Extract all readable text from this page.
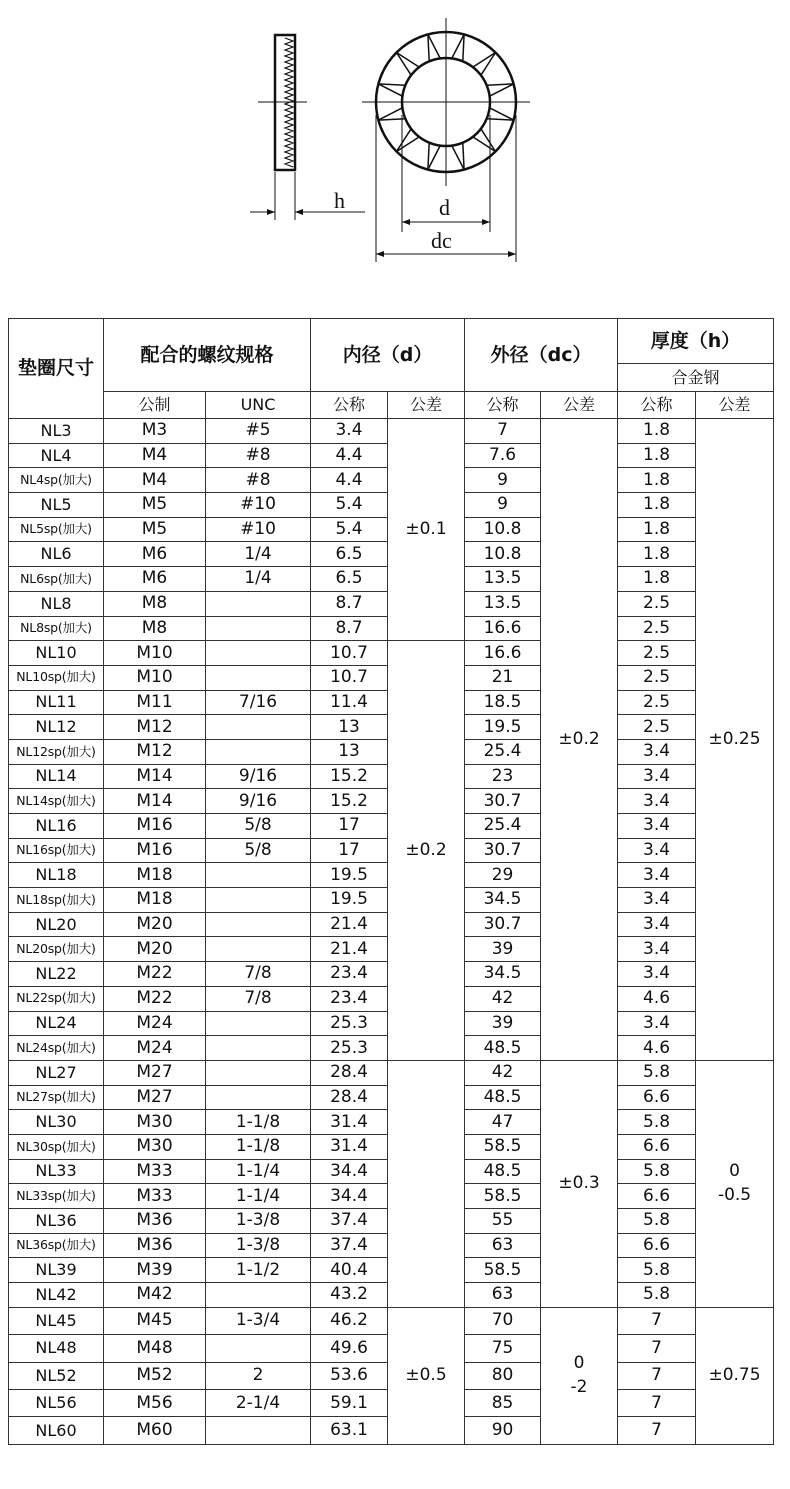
h	d
dc
垫圈尺寸	配合的螺纹规格		内径（d）		外径（dc）		厚度（h）	
							合金钢	
	公制	UNC	公称	公差	公称	公差	公称	公差
NL3	M3	#5	3.4	±0.1	7	±0.2	1.8	±0.25

NL4	M4	#8	4.4		7.6		1.8	
NL4sp(加大)	M4	#8	4.4		9		1.8	
NL5	M5	#10	5.4		9		1.8	
NL5sp(加大)	M5	#10	5.4		10.8		1.8	
NL6	M6	1/4	6.5		10.8		1.8	
NL6sp(加大)	M6	1/4	6.5		13.5		1.8	
NL8	M8		8.7		13.5		2.5	
NL8sp(加大)	M8		8.7		16.6		2.5	
NL10	M10		10.7	±0.2	16.6		2.5	
NL10sp(加大)	M10		10.7		21		2.5	
NL11	M11	7/16	11.4		18.5		2.5	
NL12	M12		13		19.5		2.5	
NL12sp(加大)	M12		13		25.4		3.4	
NL14	M14	9/16	15.2		23		3.4	
NL14sp(加大)	M14	9/16	15.2		30.7		3.4	
NL16	M16	5/8	17		25.4		3.4	
NL16sp(加大)	M16	5/8	17		30.7		3.4	
NL18	M18		19.5		29		3.4	
NL18sp(加大)	M18		19.5		34.5		3.4	
NL20	M20		21.4		30.7		3.4	
NL20sp(加大)	M20		21.4		39		3.4	
NL22	M22	7/8	23.4		34.5		3.4	
NL22sp(加大)	M22	7/8	23.4		42		4.6	
NL24	M24		25.3		39		3.4	
NL24sp(加大)	M24		25.3		48.5		4.6	
NL27	M27		28.4		42	±0.3	5.8	0
-0.5

NL27sp(加大)	M27		28.4		48.5		6.6	
NL30	M30	1-1/8	31.4		47		5.8	
NL30sp(加大)	M30	1-1/8	31.4		58.5		6.6	
NL33	M33	1-1/4	34.4		48.5		5.8	
NL33sp(加大)	M33	1-1/4	34.4		58.5		6.6	
NL36	M36	1-3/8	37.4		55		5.8	
NL36sp(加大)	M36	1-3/8	37.4		63		6.6	
NL39	M39	1-1/2	40.4		58.5		5.8	
NL42	M42		43.2		63		5.8	
NL45	M45	1-3/4	46.2	±0.5	70	0
-2	7	±0.75

NL48	M48		49.6		75		7	
NL52	M52	2	53.6		80		7	
NL56	M56	2-1/4	59.1		85		7	
NL60	M60		63.1		90		7	
